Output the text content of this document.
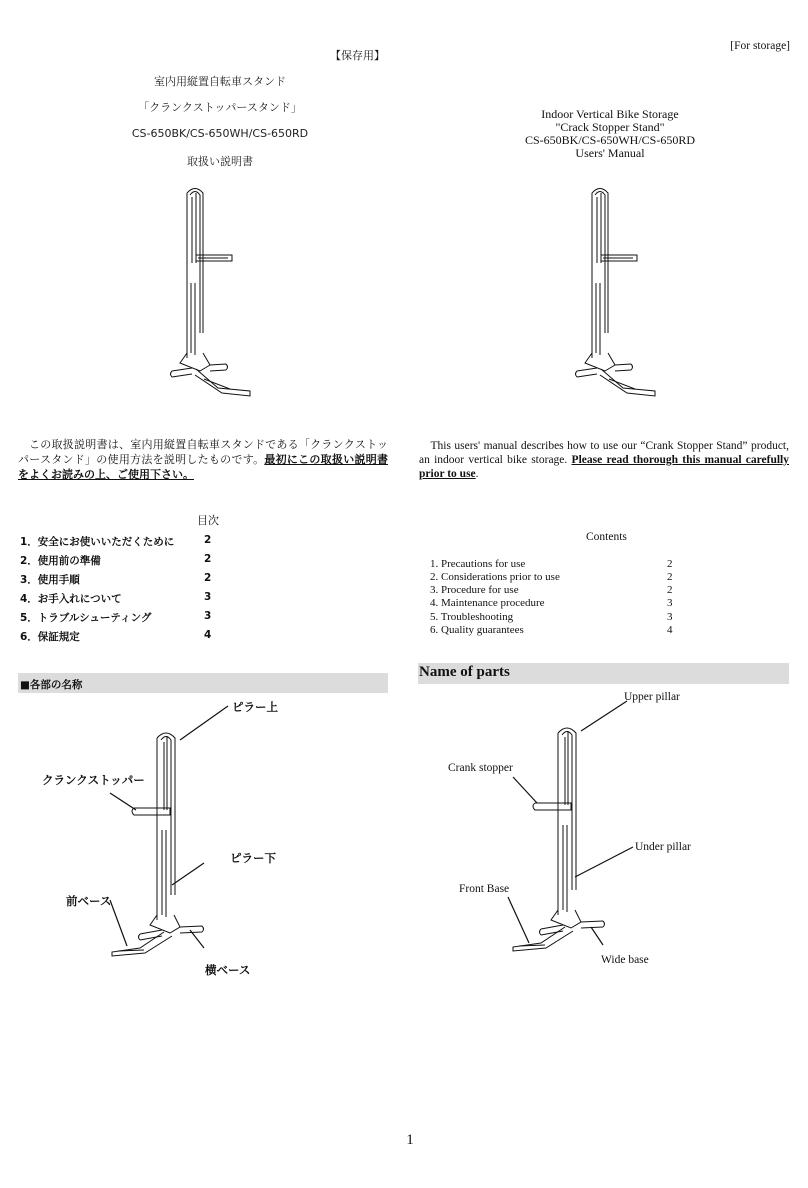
【保存用】
室内用縦置自転車スタンド
「クランクストッパースタンド」
CS-650BK/CS-650WH/CS-650RD
取扱い説明書
この取扱説明書は、室内用縦置自転車スタンドである「クランクストッパースタンド」の使用方法を説明したものです。最初にこの取扱い説明書をよくお読みの上、ご使用下さい。
目次
1．安全にお使いいただくために	2
2．使用前の準備	2
3．使用手順	2
4．お手入れについて	3
5．トラブルシューティング	3
6．保証規定	4
■各部の名称
ピラー上
クランクストッパー
ピラー下
前ベース
横ベース
[For storage]
Indoor Vertical Bike Storage
"Crack Stopper Stand"
CS-650BK/CS-650WH/CS-650RD
Users' Manual
This users' manual describes how to use our “Crank Stopper Stand” product, an indoor vertical bike storage. Please read thorough this manual carefully prior to use.
Contents
1. Precautions for use	2
2. Considerations prior to use	2
3. Procedure for use	2
4. Maintenance procedure	3
5. Troubleshooting	3
6. Quality guarantees	4
Name of parts
Upper pillar
Crank stopper
Under pillar
Front Base
Wide base
1
